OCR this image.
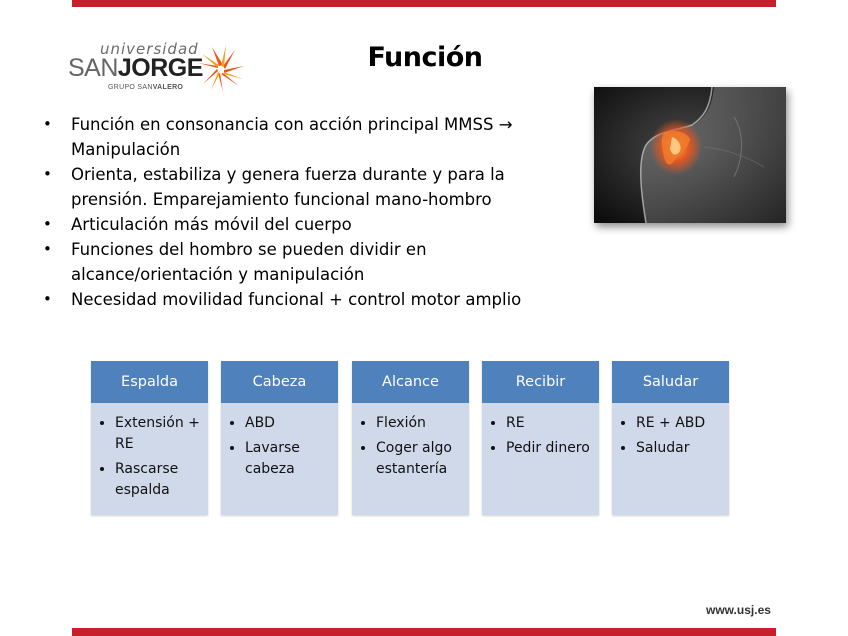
universidad
SANJORGE
GRUPO SANVALERO
Función
• Función en consonancia con acción principal MMSS → Manipulación
• Orienta, estabiliza y genera fuerza durante y para la prensión. Emparejamiento funcional mano-hombro
• Articulación más móvil del cuerpo
• Funciones del hombro se pueden dividir en alcance/orientación y manipulación
• Necesidad movilidad funcional + control motor amplio
Espalda
• Extensión + RE
• Rascarse espalda
Cabeza
• ABD
• Lavarse cabeza
Alcance
• Flexión
• Coger algo estantería
Recibir
• RE
• Pedir dinero
Saludar
• RE + ABD
• Saludar
www.usj.es
